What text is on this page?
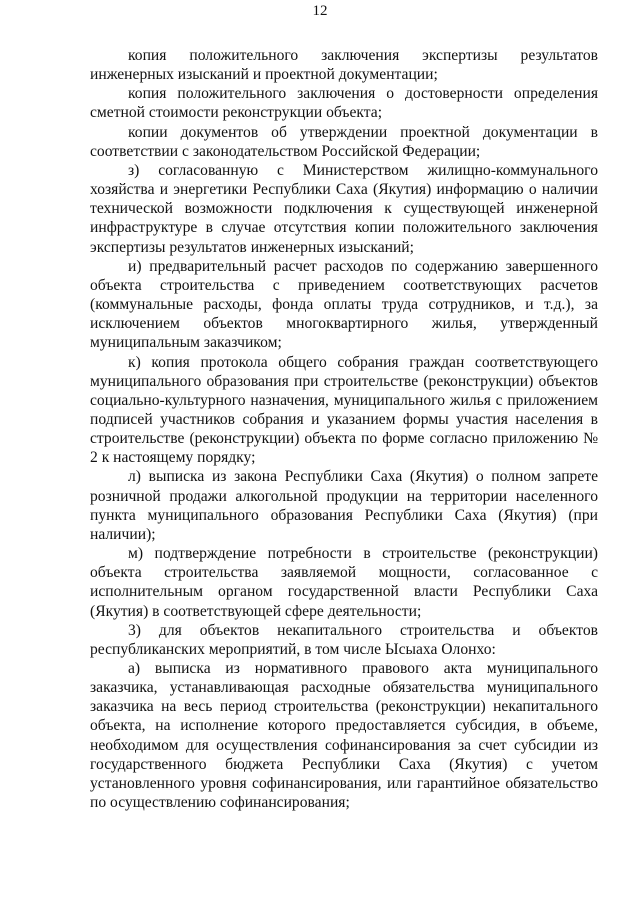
12

копия положительного заключения экспертизы результатов инженерных изысканий и проектной документации;

копия положительного заключения о достоверности определения сметной стоимости реконструкции объекта;

копии документов об утверждении проектной документации в соответствии с законодательством Российской Федерации;

з) согласованную с Министерством жилищно-коммунального хозяйства и энергетики Республики Саха (Якутия) информацию о наличии технической возможности подключения к существующей инженерной инфраструктуре в случае отсутствия копии положительного заключения экспертизы результатов инженерных изысканий;

и) предварительный расчет расходов по содержанию завершенного объекта строительства с приведением соответствующих расчетов (коммунальные расходы, фонда оплаты труда сотрудников, и т.д.), за исключением объектов многоквартирного жилья, утвержденный муниципальным заказчиком;

к) копия протокола общего собрания граждан соответствующего муниципального образования при строительстве (реконструкции) объектов социально-культурного назначения, муниципального жилья с приложением подписей участников собрания и указанием формы участия населения в строительстве (реконструкции) объекта по форме согласно приложению № 2 к настоящему порядку;

л) выписка из закона Республики Саха (Якутия) о полном запрете розничной продажи алкогольной продукции на территории населенного пункта муниципального образования Республики Саха (Якутия) (при наличии);

м) подтверждение потребности в строительстве (реконструкции) объекта строительства заявляемой мощности, согласованное с исполнительным органом государственной власти Республики Саха (Якутия) в соответствующей сфере деятельности;

3) для объектов некапитального строительства и объектов республиканских мероприятий, в том числе Ысыаха Олонхо:

а) выписка из нормативного правового акта муниципального заказчика, устанавливающая расходные обязательства муниципального заказчика на весь период строительства (реконструкции) некапитального объекта, на исполнение которого предоставляется субсидия, в объеме, необходимом для осуществления софинансирования за счет субсидии из государственного бюджета Республики Саха (Якутия) с учетом установленного уровня софинансирования, или гарантийное обязательство по осуществлению софинансирования;
